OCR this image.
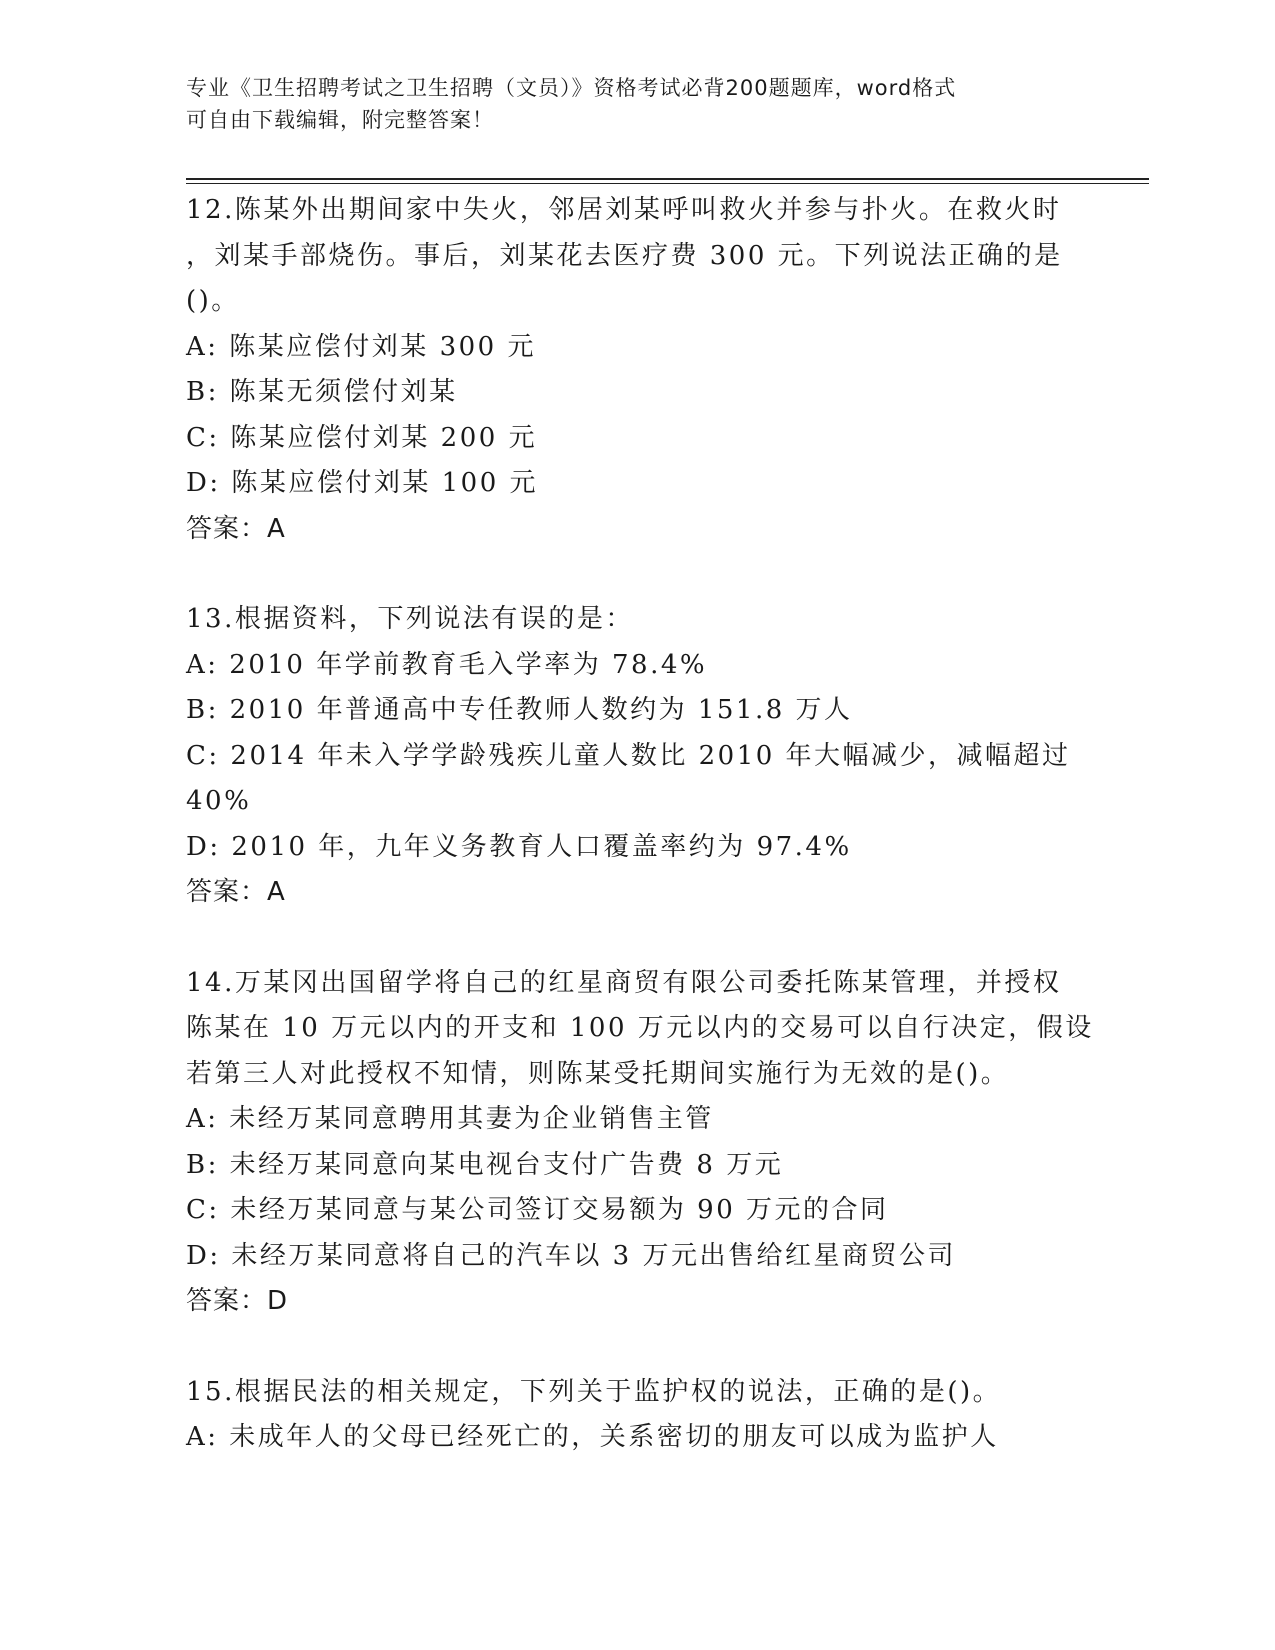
专业《卫生招聘考试之卫生招聘（文员）》资格考试必背200题题库，word格式
可自由下载编辑，附完整答案！
12.陈某外出期间家中失火，邻居刘某呼叫救火并参与扑火。在救火时
，刘某手部烧伤。事后，刘某花去医疗费 300 元。下列说法正确的是
()。
A: 陈某应偿付刘某 300 元
B: 陈某无须偿付刘某
C: 陈某应偿付刘某 200 元
D: 陈某应偿付刘某 100 元
答案：A
13.根据资料，下列说法有误的是：
A: 2010 年学前教育毛入学率为 78.4%
B: 2010 年普通高中专任教师人数约为 151.8 万人
C: 2014 年未入学学龄残疾儿童人数比 2010 年大幅减少，减幅超过
40%
D: 2010 年，九年义务教育人口覆盖率约为 97.4%
答案：A
14.万某冈出国留学将自己的红星商贸有限公司委托陈某管理，并授权
陈某在 10 万元以内的开支和 100 万元以内的交易可以自行决定，假设
若第三人对此授权不知情，则陈某受托期间实施行为无效的是()。
A: 未经万某同意聘用其妻为企业销售主管
B: 未经万某同意向某电视台支付广告费 8 万元
C: 未经万某同意与某公司签订交易额为 90 万元的合同
D: 未经万某同意将自己的汽车以 3 万元出售给红星商贸公司
答案：D
15.根据民法的相关规定，下列关于监护权的说法，正确的是()。
A: 未成年人的父母已经死亡的，关系密切的朋友可以成为监护人
